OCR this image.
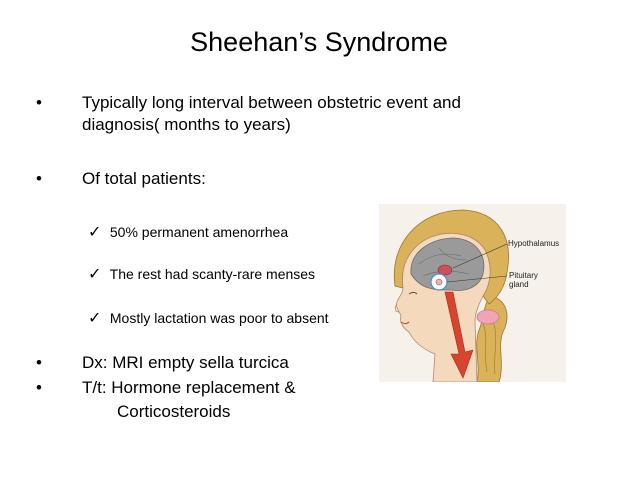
Sheehan’s Syndrome
• Typically long interval between obstetric event and
diagnosis( months to years)
• Of total patients:
✓ 50% permanent amenorrhea
✓ The rest had scanty-rare menses
✓ Mostly lactation was poor to absent
• Dx: MRI empty sella turcica
• T/t: Hormone replacement &
Corticosteroids
Hypothalamus
Pituitary
gland
